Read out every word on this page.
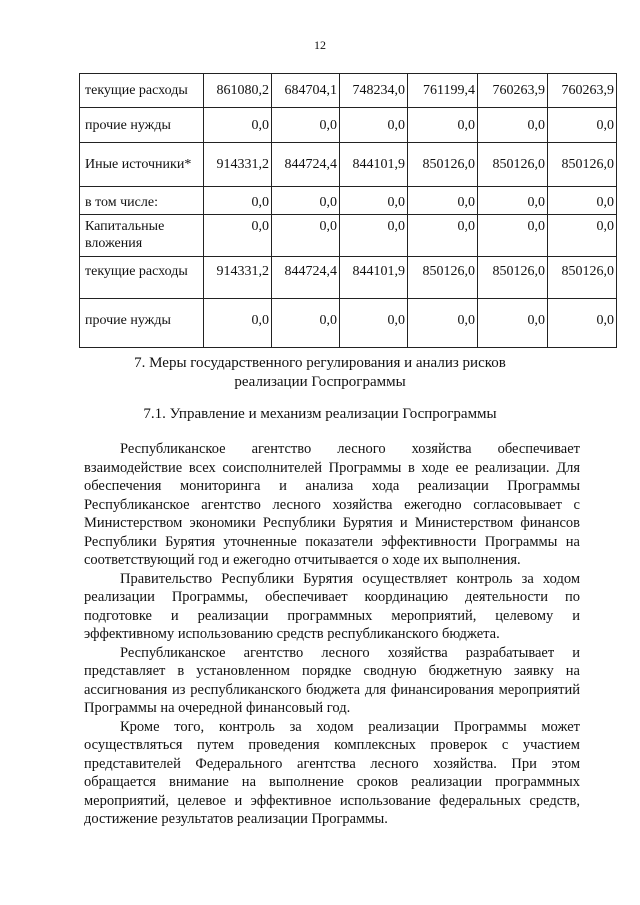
12
текущие расходы	861080,2	684704,1	748234,0	761199,4	760263,9	760263,9
прочие нужды	0,0	0,0	0,0	0,0	0,0	0,0
Иные источники*	914331,2	844724,4	844101,9	850126,0	850126,0	850126,0
в том числе:	0,0	0,0	0,0	0,0	0,0	0,0
Капитальные вложения	0,0	0,0	0,0	0,0	0,0	0,0
текущие расходы	914331,2	844724,4	844101,9	850126,0	850126,0	850126,0
прочие нужды	0,0	0,0	0,0	0,0	0,0	0,0
7. Меры государственного регулирования и анализ рисков
реализации Госпрограммы
7.1. Управление и механизм реализации Госпрограммы

Республиканское агентство лесного хозяйства обеспечивает взаимодействие всех соисполнителей Программы в ходе ее реализации. Для обеспечения мониторинга и анализа хода реализации Программы Республиканское агентство лесного хозяйства ежегодно согласовывает с Министерством экономики Республики Бурятия и Министерством финансов Республики Бурятия уточненные показатели эффективности Программы на соответствующий год и ежегодно отчитывается о ходе их выполнения.

Правительство Республики Бурятия осуществляет контроль за ходом реализации Программы, обеспечивает координацию деятельности по подготовке и реализации программных мероприятий, целевому и эффективному использованию средств республиканского бюджета.

Республиканское агентство лесного хозяйства разрабатывает и представляет в установленном порядке сводную бюджетную заявку на ассигнования из республиканского бюджета для финансирования мероприятий Программы на очередной финансовый год.

Кроме того, контроль за ходом реализации Программы может осуществляться путем проведения комплексных проверок с участием представителей Федерального агентства лесного хозяйства. При этом обращается внимание на выполнение сроков реализации программных мероприятий, целевое и эффективное использование федеральных средств, достижение результатов реализации Программы.
